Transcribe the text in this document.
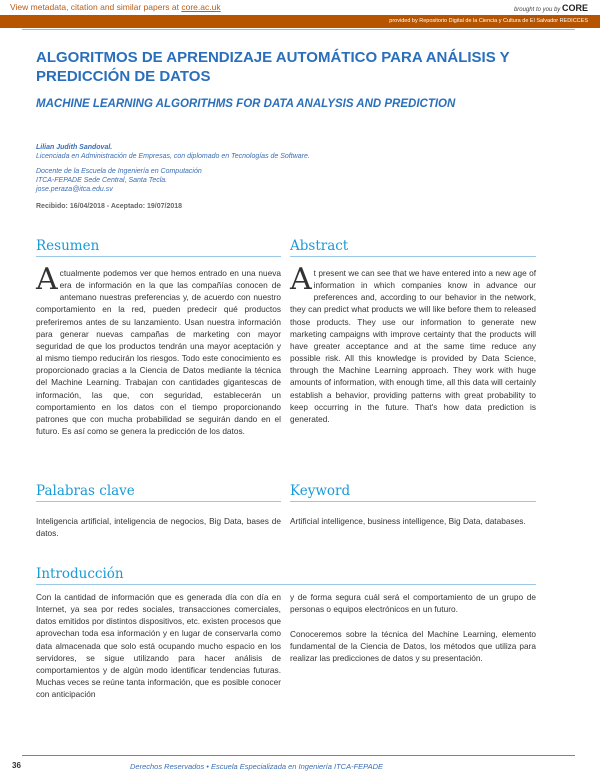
View metadata, citation and similar papers at core.ac.uk	brought to you by CORE
provided by Repositorio Digital de la Ciencia y Cultura de El Salvador REDICCES
ALGORITMOS DE APRENDIZAJE AUTOMÁTICO PARA ANÁLISIS Y PREDICCIÓN DE DATOS
MACHINE LEARNING ALGORITHMS FOR DATA ANALYSIS AND PREDICTION
Lilian Judith Sandoval.
Licenciada en Administración de Empresas, con diplomado en Tecnologías de Software.
Docente de la Escuela de Ingeniería en Computación
ITCA-FEPADE Sede Central, Santa Tecla.
jose.peraza@itca.edu.sv
Recibido: 16/04/2018 - Aceptado: 19/07/2018
Resumen
Actualmente podemos ver que hemos entrado en una nueva era de información en la que las compañías conocen de antemano nuestras preferencias y, de acuerdo con nuestro comportamiento en la red, pueden predecir qué productos preferiremos antes de su lanzamiento. Usan nuestra información para generar nuevas campañas de marketing con mayor seguridad de que los productos tendrán una mayor aceptación y al mismo tiempo reducirán los riesgos. Todo este conocimiento es proporcionado gracias a la Ciencia de Datos mediante la técnica del Machine Learning. Trabajan con cantidades gigantescas de información, las que, con seguridad, establecerán un comportamiento en los datos con el tiempo proporcionando patrones que con mucha probabilidad se seguirán dando en el futuro. Es así como se genera la predicción de los datos.
Abstract
At present we can see that we have entered into a new age of information in which companies know in advance our preferences and, according to our behavior in the network, they can predict what products we will like before them to released those products. They use our information to generate new marketing campaigns with improve certainty that the products will have greater acceptance and at the same time reduce any possible risk. All this knowledge is provided by Data Science, through the Machine Learning approach. They work with huge amounts of information, with enough time, all this data will certainly establish a behavior, providing patterns with great probability to keep occurring in the future. That's how data prediction is generated.
Palabras clave
Inteligencia artificial, inteligencia de negocios, Big Data, bases de datos.
Keyword
Artificial intelligence, business intelligence, Big Data, databases.
Introducción
Con la cantidad de información que es generada día con día en Internet, ya sea por redes sociales, transacciones comerciales, datos emitidos por distintos dispositivos, etc. existen procesos que aprovechan toda esa información y en lugar de conservarla como data almacenada que solo está ocupando mucho espacio en los servidores, se sigue utilizando para hacer análisis de comportamientos y de algún modo identificar tendencias futuras. Muchas veces se reúne tanta información, que es posible conocer con anticipación
y de forma segura cuál será el comportamiento de un grupo de personas o equipos electrónicos en un futuro.
Conoceremos sobre la técnica del Machine Learning, elemento fundamental de la Ciencia de Datos, los métodos que utiliza para realizar las predicciones de datos y su presentación.
36	Derechos Reservados • Escuela Especializada en Ingeniería ITCA-FEPADE
